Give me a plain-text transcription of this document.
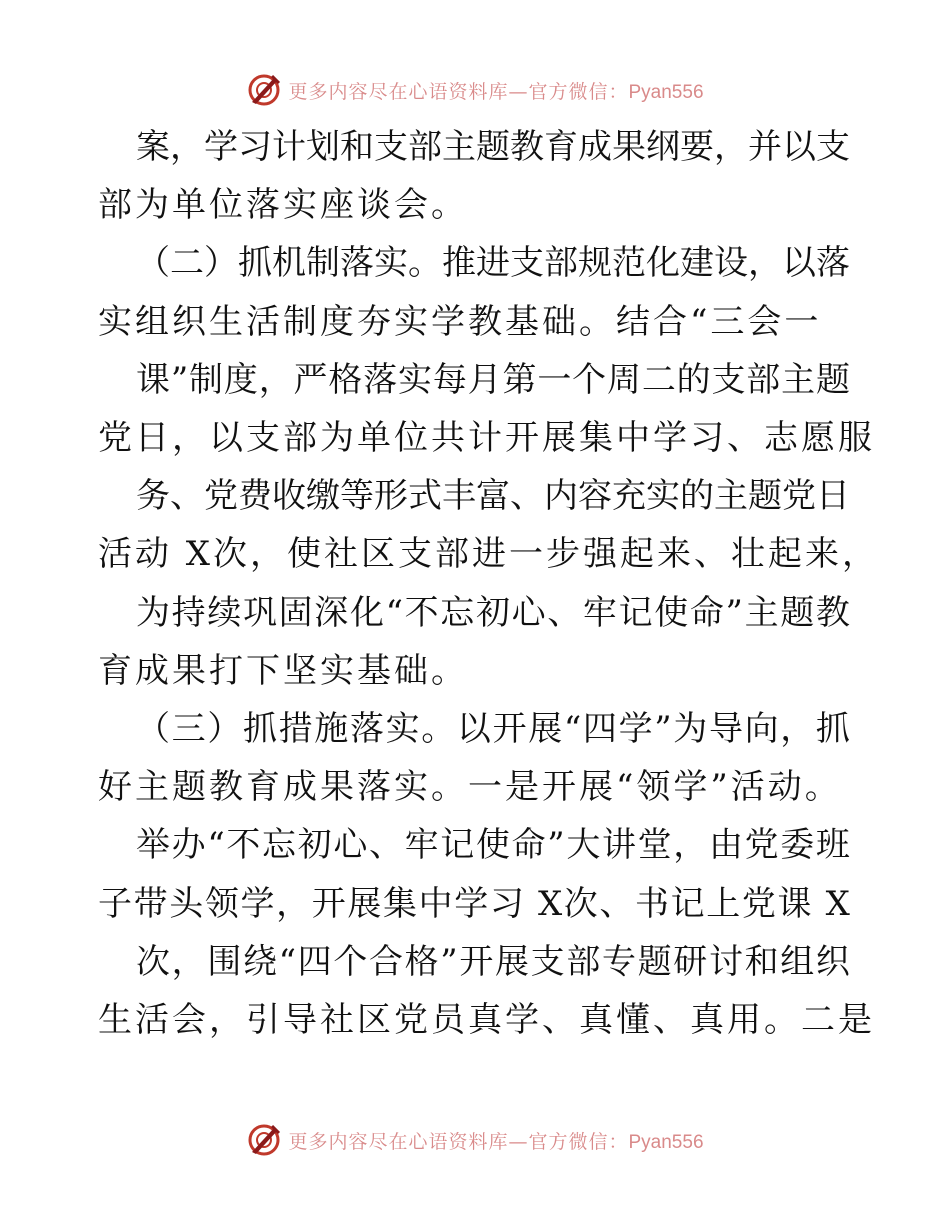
更多内容尽在心语资料库—官方微信：Pyan556
案 ， 学 习 计 划 和 支 部 主 题 教 育 成 果 纲 要 ， 并 以 支
部为单位落实座谈会。
（ 二 ） 抓 机 制 落 实 。 推 进 支 部 规 范 化 建 设 ， 以 落
实组织生活制度夯实学教基础。结合“三会一
课 ” 制 度 ， 严 格 落 实 每 月 第 一 个 周 二 的 支 部 主 题
党日，以支部为单位共计开展集中学习、志愿服
务 、 党 费 收 缴 等 形 式 丰 富 、 内 容 充 实 的 主 题 党 日
活动 X次，使社区支部进一步强起来、壮起来，
为 持 续 巩 固 深 化 “ 不 忘 初 心 、 牢 记 使 命 ” 主 题 教
育成果打下坚实基础。
（ 三 ） 抓 措 施 落 实 。 以 开 展 “ 四 学 ” 为 导 向 ， 抓
好主题教育成果落实。一是开展“领学”活动。
举 办 “ 不 忘 初 心 、 牢 记 使 命 ” 大 讲 堂 ， 由 党 委 班
子 带 头 领 学 ， 开 展 集 中 学 习
X 次 、 书 记 上 党 课
X
次 ， 围 绕 “ 四 个 合 格 ” 开 展 支 部 专 题 研 讨 和 组 织
生活会，引导社区党员真学、真懂、真用。二是
更多内容尽在心语资料库—官方微信：Pyan556
